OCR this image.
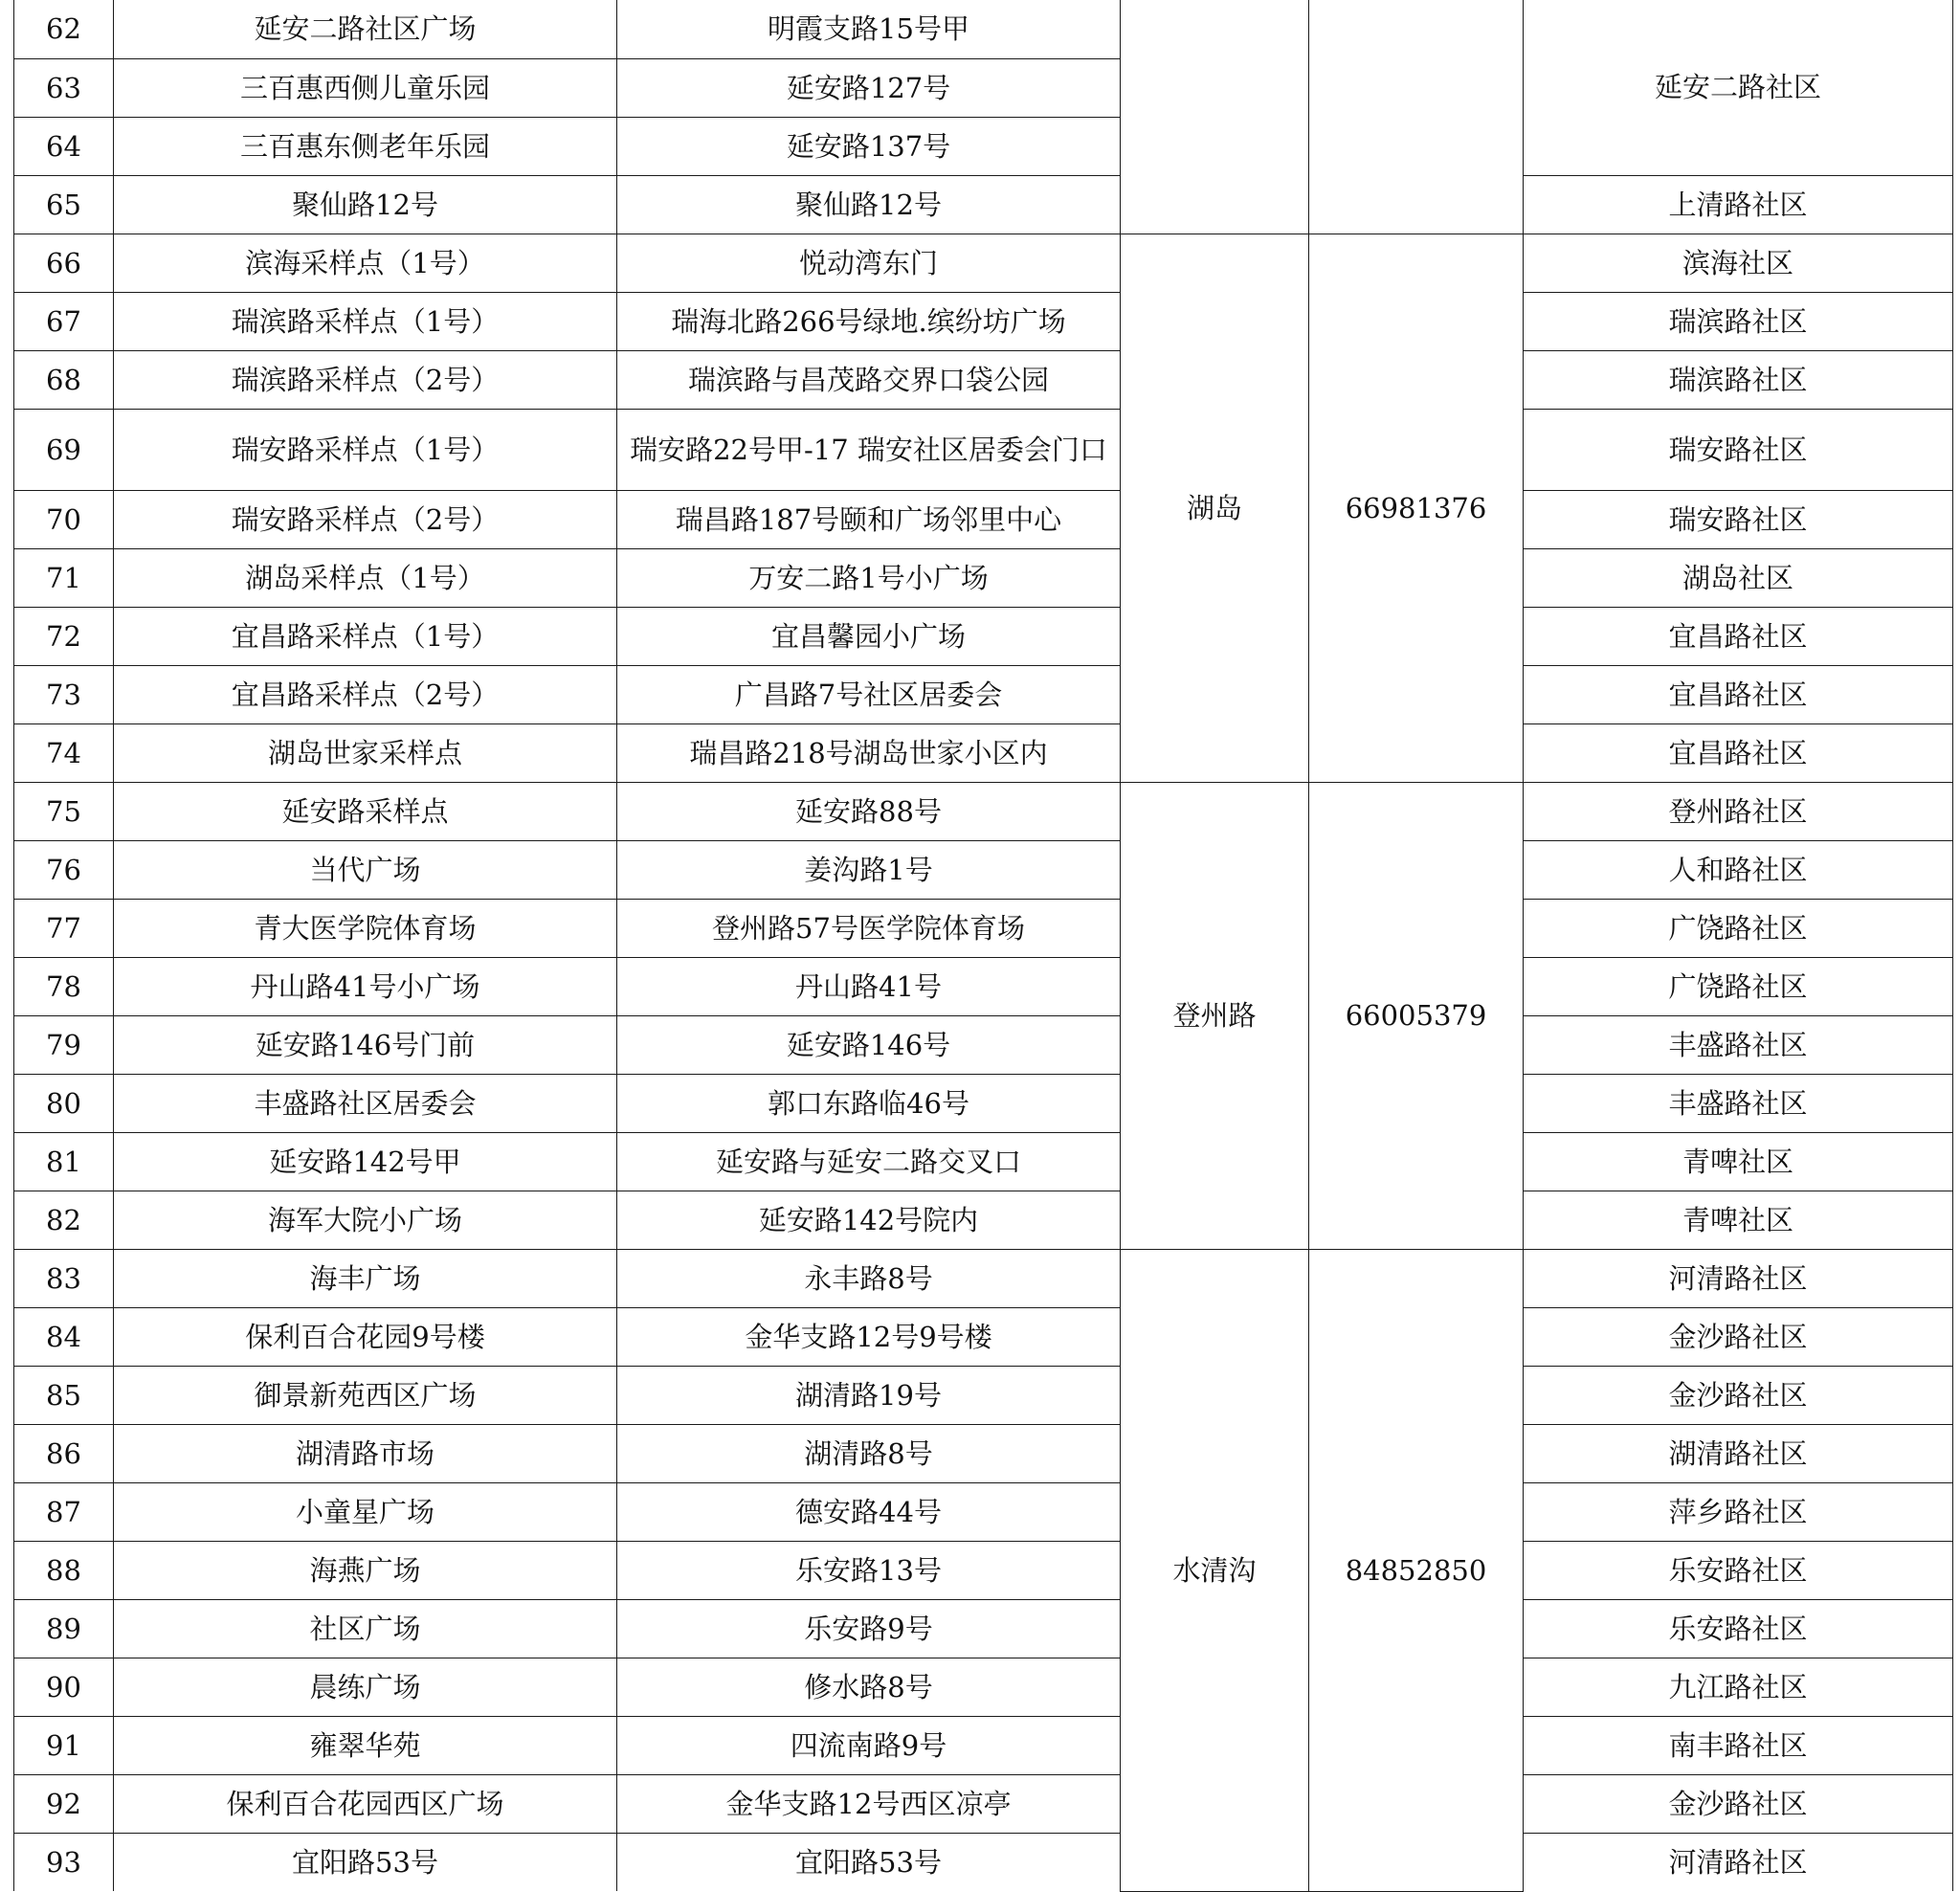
62	延安二路社区广场	明霞支路15号甲			延安二路社区
63	三百惠西侧儿童乐园	延安路127号			
64	三百惠东侧老年乐园	延安路137号			
65	聚仙路12号	聚仙路12号			上清路社区
66	滨海采样点（1号）	悦动湾东门	湖岛	66981376	滨海社区
67	瑞滨路采样点（1号）	瑞海北路266号绿地.缤纷坊广场			瑞滨路社区
68	瑞滨路采样点（2号）	瑞滨路与昌茂路交界口袋公园			瑞滨路社区
69	瑞安路采样点（1号）	瑞安路22号甲-17 瑞安社区居委会门口			瑞安路社区
70	瑞安路采样点（2号）	瑞昌路187号颐和广场邻里中心			瑞安路社区
71	湖岛采样点（1号）	万安二路1号小广场			湖岛社区
72	宜昌路采样点（1号）	宜昌馨园小广场			宜昌路社区
73	宜昌路采样点（2号）	广昌路7号社区居委会			宜昌路社区
74	湖岛世家采样点	瑞昌路218号湖岛世家小区内			宜昌路社区
75	延安路采样点	延安路88号	登州路	66005379	登州路社区
76	当代广场	姜沟路1号			人和路社区
77	青大医学院体育场	登州路57号医学院体育场			广饶路社区
78	丹山路41号小广场	丹山路41号			广饶路社区
79	延安路146号门前	延安路146号			丰盛路社区
80	丰盛路社区居委会	郭口东路临46号			丰盛路社区
81	延安路142号甲	延安路与延安二路交叉口			青啤社区
82	海军大院小广场	延安路142号院内			青啤社区
83	海丰广场	永丰路8号	水清沟	84852850	河清路社区
84	保利百合花园9号楼	金华支路12号9号楼			金沙路社区
85	御景新苑西区广场	湖清路19号			金沙路社区
86	湖清路市场	湖清路8号			湖清路社区
87	小童星广场	德安路44号			萍乡路社区
88	海燕广场	乐安路13号			乐安路社区
89	社区广场	乐安路9号			乐安路社区
90	晨练广场	修水路8号			九江路社区
91	雍翠华苑	四流南路9号			南丰路社区
92	保利百合花园西区广场	金华支路12号西区凉亭			金沙路社区
93	宜阳路53号	宜阳路53号			河清路社区
